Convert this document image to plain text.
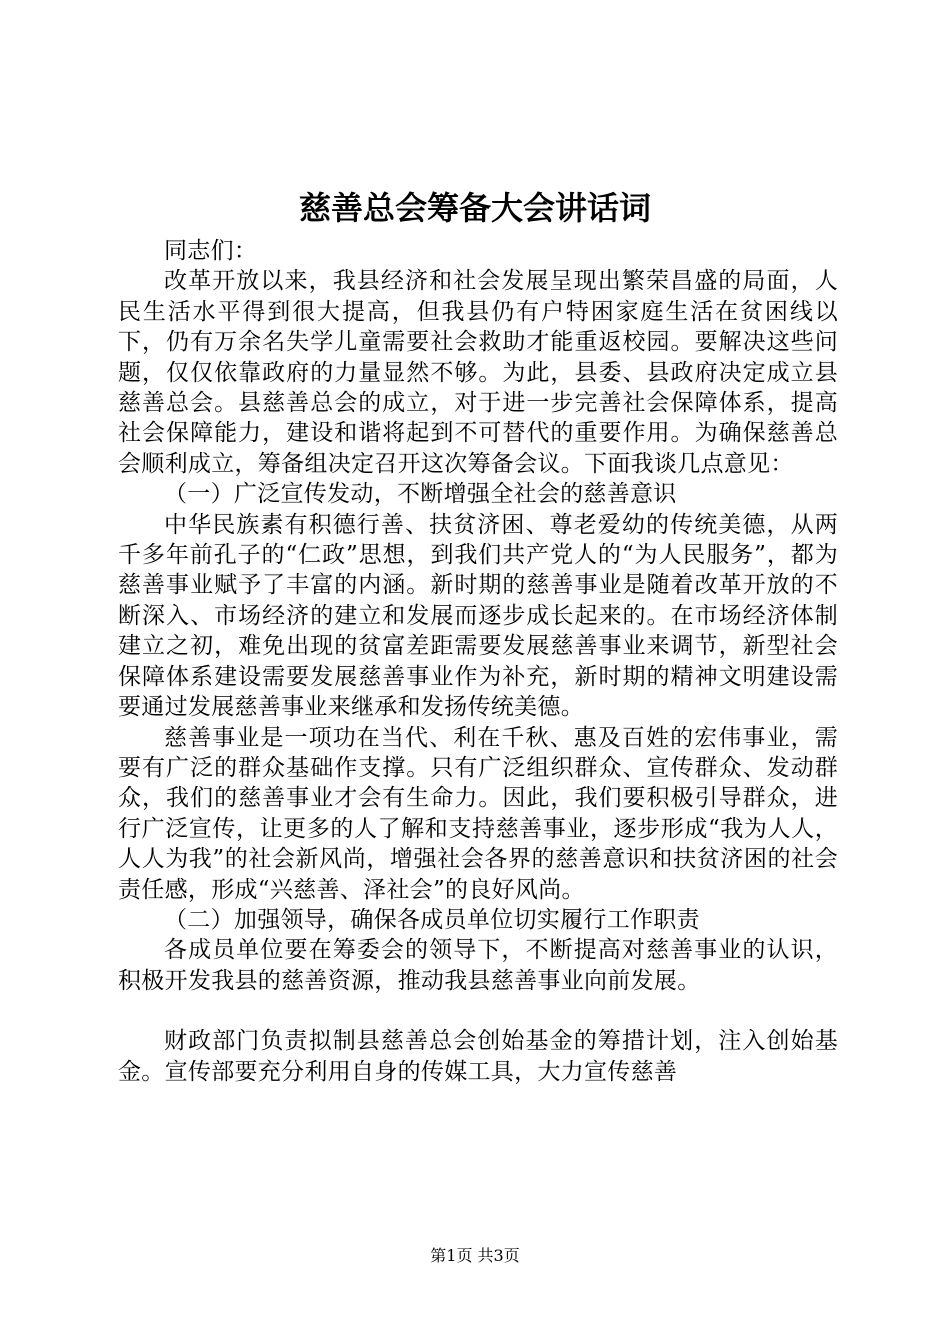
慈善总会筹备大会讲话词

同志们：

改革开放以来，我县经济和社会发展呈现出繁荣昌盛的局面，人民生活水平得到很大提高，但我县仍有户特困家庭生活在贫困线以下，仍有万余名失学儿童需要社会救助才能重返校园。要解决这些问题，仅仅依靠政府的力量显然不够。为此，县委、县政府决定成立县慈善总会。县慈善总会的成立，对于进一步完善社会保障体系，提高社会保障能力，建设和谐将起到不可替代的重要作用。为确保慈善总会顺利成立，筹备组决定召开这次筹备会议。下面我谈几点意见：

（一）广泛宣传发动，不断增强全社会的慈善意识

中华民族素有积德行善、扶贫济困、尊老爱幼的传统美德，从两千多年前孔子的“仁政”思想，到我们共产党人的“为人民服务”，都为慈善事业赋予了丰富的内涵。新时期的慈善事业是随着改革开放的不断深入、市场经济的建立和发展而逐步成长起来的。在市场经济体制建立之初，难免出现的贫富差距需要发展慈善事业来调节，新型社会保障体系建设需要发展慈善事业作为补充，新时期的精神文明建设需要通过发展慈善事业来继承和发扬传统美德。

慈善事业是一项功在当代、利在千秋、惠及百姓的宏伟事业，需要有广泛的群众基础作支撑。只有广泛组织群众、宣传群众、发动群众，我们的慈善事业才会有生命力。因此，我们要积极引导群众，进行广泛宣传，让更多的人了解和支持慈善事业，逐步形成“我为人人，人人为我”的社会新风尚，增强社会各界的慈善意识和扶贫济困的社会责任感，形成“兴慈善、泽社会”的良好风尚。

（二）加强领导，确保各成员单位切实履行工作职责

各成员单位要在筹委会的领导下，不断提高对慈善事业的认识，积极开发我县的慈善资源，推动我县慈善事业向前发展。

财政部门负责拟制县慈善总会创始基金的筹措计划，注入创始基金。宣传部要充分利用自身的传媒工具，大力宣传慈善

第1页 共3页
